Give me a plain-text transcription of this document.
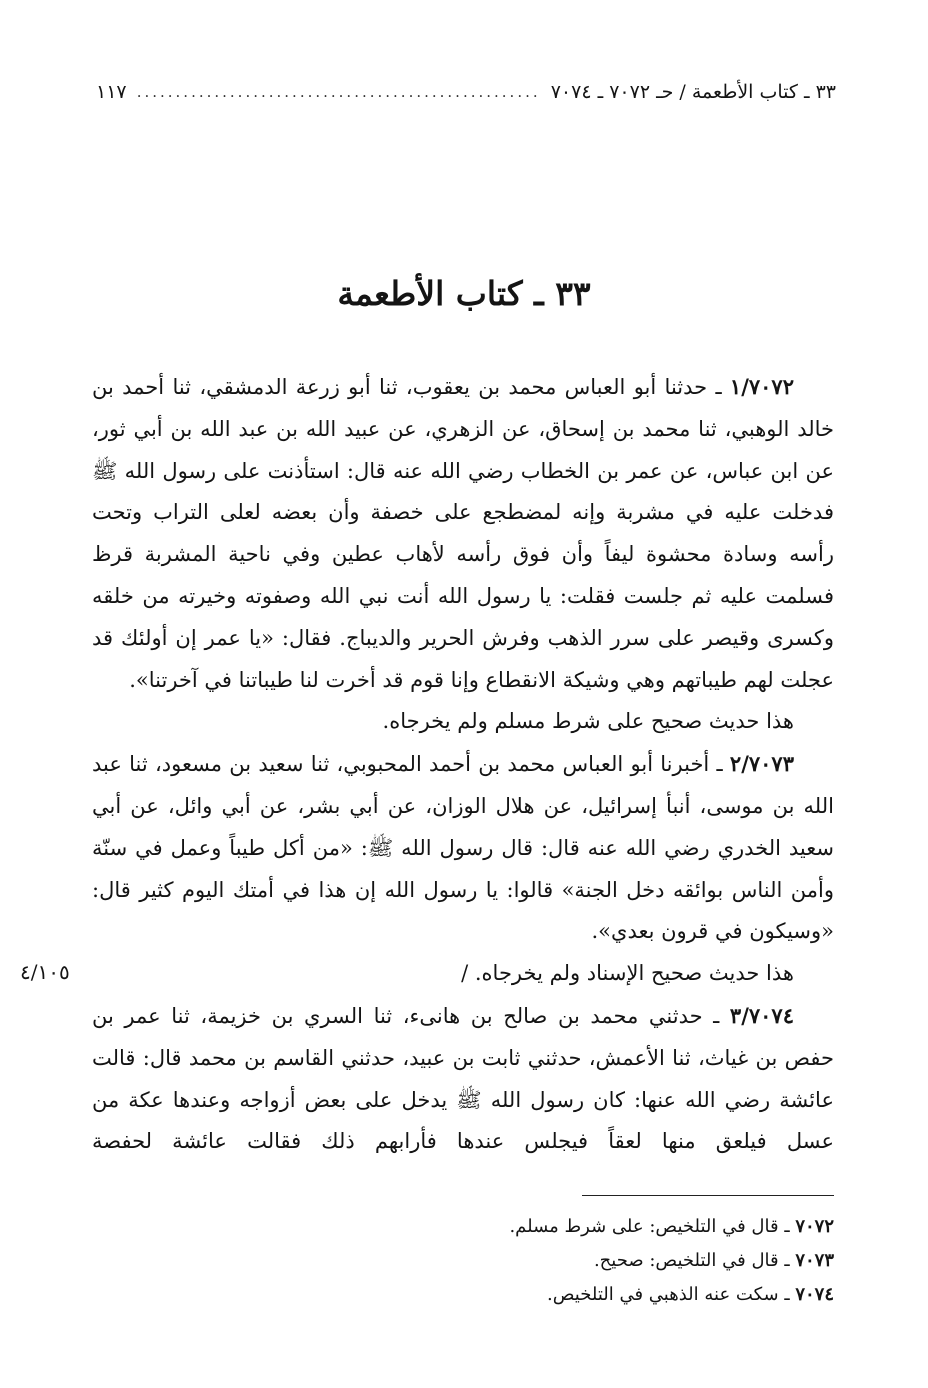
٣٣ ـ كتاب الأطعمة / حـ ٧٠٧٢ ـ ٧٠٧٤
....................................................
١١٧
٣٣ ـ كتاب الأطعمة

١/٧٠٧٢ ـ حدثنا أبو العباس محمد بن يعقوب، ثنا أبو زرعة الدمشقي، ثنا أحمد بن خالد الوهبي، ثنا محمد بن إسحاق، عن الزهري، عن عبيد الله بن عبد الله بن أبي ثور، عن ابن عباس، عن عمر بن الخطاب رضي الله عنه قال: استأذنت على رسول الله ﷺ فدخلت عليه في مشربة وإنه لمضطجع على خصفة وأن بعضه لعلى التراب وتحت رأسه وسادة محشوة ليفاً وأن فوق رأسه لأهاب عطين وفي ناحية المشربة قرظ فسلمت عليه ثم جلست فقلت: يا رسول الله أنت نبي الله وصفوته وخيرته من خلقه وكسرى وقيصر على سرر الذهب وفرش الحرير والديباج. فقال: «يا عمر إن أولئك قد عجلت لهم طيباتهم وهي وشيكة الانقطاع وإنا قوم قد أخرت لنا طيباتنا في آخرتنا».

هذا حديث صحيح على شرط مسلم ولم يخرجاه.

٢/٧٠٧٣ ـ أخبرنا أبو العباس محمد بن أحمد المحبوبي، ثنا سعيد بن مسعود، ثنا عبد الله بن موسى، أنبأ إسرائيل، عن هلال الوزان، عن أبي بشر، عن أبي وائل، عن أبي سعيد الخدري رضي الله عنه قال: قال رسول الله ﷺ: «من أكل طيباً وعمل في سنّة وأمن الناس بوائقه دخل الجنة» قالوا: يا رسول الله إن هذا في أمتك اليوم كثير قال: «وسيكون في قرون بعدي».

هذا حديث صحيح الإسناد ولم يخرجاه. /

٣/٧٠٧٤ ـ حدثني محمد بن صالح بن هانىء، ثنا السري بن خزيمة، ثنا عمر بن حفص بن غياث، ثنا الأعمش، حدثني ثابت بن عبيد، حدثني القاسم بن محمد قال: قالت عائشة رضي الله عنها: كان رسول الله ﷺ يدخل على بعض أزواجه وعندها عكة من عسل فيلعق منها لعقاً فيجلس عندها فأرابهم ذلك فقالت عائشة لحفصة

٤/١٠٥
٧٠٧٢ ـ قال في التلخيص: على شرط مسلم.
٧٠٧٣ ـ قال في التلخيص: صحيح.
٧٠٧٤ ـ سكت عنه الذهبي في التلخيص.
